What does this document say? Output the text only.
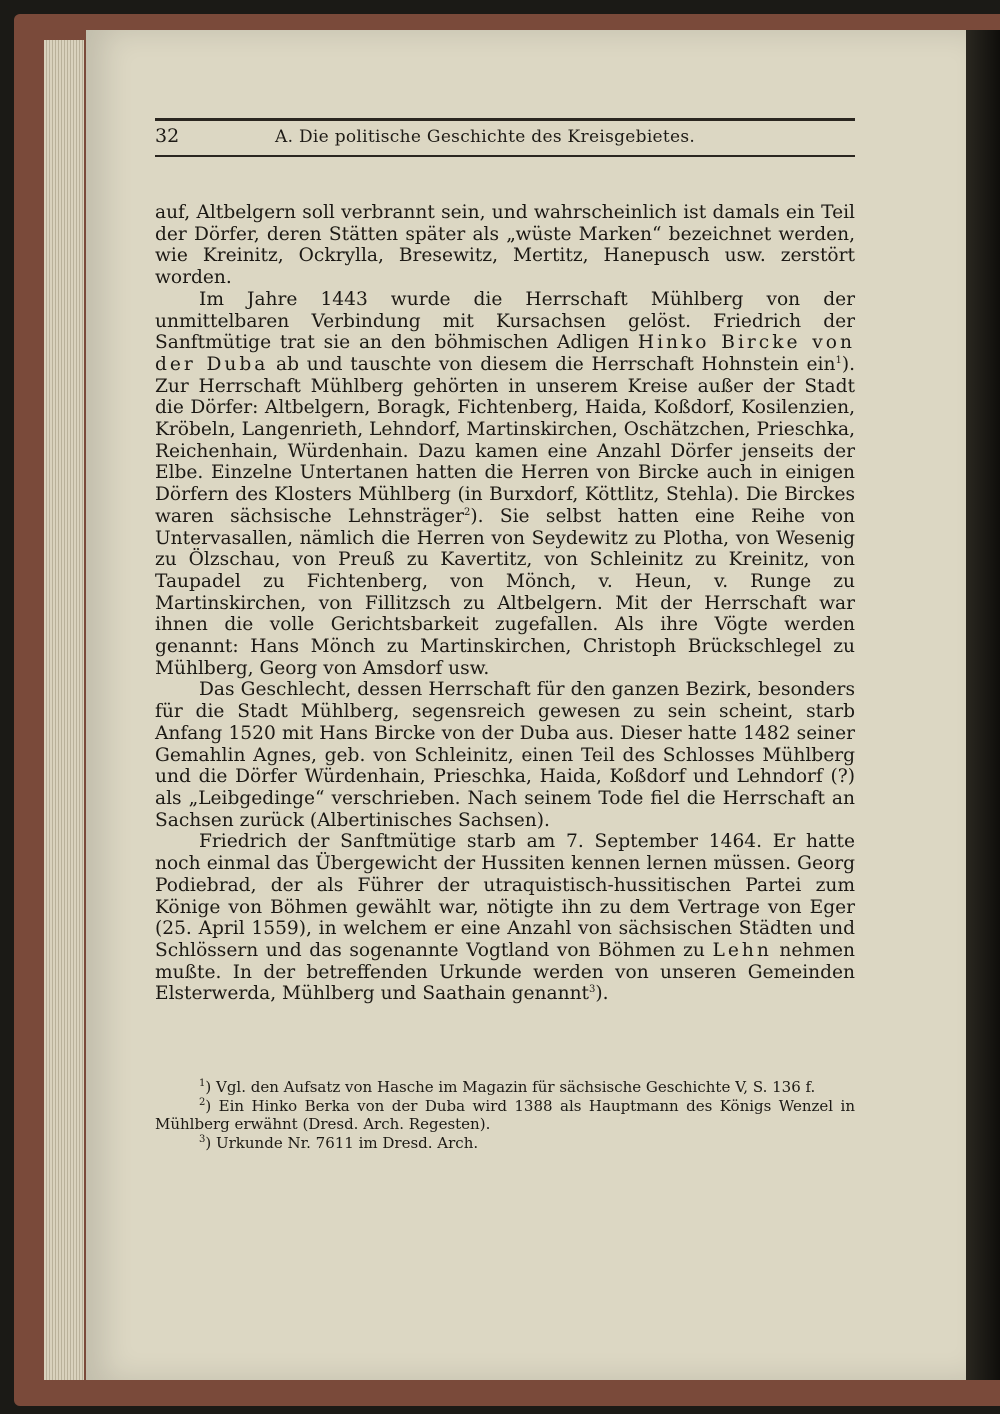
32	A. Die politische Geschichte des Kreisgebietes.

auf, Altbelgern soll verbrannt sein, und wahrscheinlich ist damals ein Teil der Dörfer, deren Stätten später als „wüste Marken“ bezeichnet werden, wie Kreinitz, Ockrylla, Bresewitz, Mertitz, Hanepusch usw. zerstört worden.

Im Jahre 1443 wurde die Herrschaft Mühlberg von der unmittelbaren Verbindung mit Kursachsen gelöst. Friedrich der Sanftmütige trat sie an den böhmischen Adligen Hinko Bircke von der Duba ab und tauschte von diesem die Herrschaft Hohnstein ein$^1$). Zur Herrschaft Mühlberg gehörten in unserem Kreise außer der Stadt die Dörfer: Altbelgern, Boragk, Fichtenberg, Haida, Koßdorf, Kosilenzien, Kröbeln, Langenrieth, Lehndorf, Martinskirchen, Oschätzchen, Prieschka, Reichenhain, Würdenhain. Dazu kamen eine Anzahl Dörfer jenseits der Elbe. Einzelne Untertanen hatten die Herren von Bircke auch in einigen Dörfern des Klosters Mühlberg (in Burxdorf, Köttlitz, Stehla). Die Birckes waren sächsische Lehnsträger$^2$). Sie selbst hatten eine Reihe von Untervasallen, nämlich die Herren von Seydewitz zu Plotha, von Wesenig zu Ölzschau, von Preuß zu Kavertitz, von Schleinitz zu Kreinitz, von Taupadel zu Fichtenberg, von Mönch, v. Heun, v. Runge zu Martinskirchen, von Fillitzsch zu Altbelgern. Mit der Herrschaft war ihnen die volle Gerichtsbarkeit zugefallen. Als ihre Vögte werden genannt: Hans Mönch zu Martinskirchen, Christoph Brückschlegel zu Mühlberg, Georg von Amsdorf usw.

Das Geschlecht, dessen Herrschaft für den ganzen Bezirk, besonders für die Stadt Mühlberg, segensreich gewesen zu sein scheint, starb Anfang 1520 mit Hans Bircke von der Duba aus. Dieser hatte 1482 seiner Gemahlin Agnes, geb. von Schleinitz, einen Teil des Schlosses Mühlberg und die Dörfer Würdenhain, Prieschka, Haida, Koßdorf und Lehndorf (?) als „Leibgedinge“ verschrieben. Nach seinem Tode fiel die Herrschaft an Sachsen zurück (Albertinisches Sachsen).

Friedrich der Sanftmütige starb am 7. September 1464. Er hatte noch einmal das Übergewicht der Hussiten kennen lernen müssen. Georg Podiebrad, der als Führer der utraquistisch-hussitischen Partei zum Könige von Böhmen gewählt war, nötigte ihn zu dem Vertrage von Eger (25. April 1559), in welchem er eine Anzahl von sächsischen Städten und Schlössern und das sogenannte Vogtland von Böhmen zu Lehn nehmen mußte. In der betreffenden Urkunde werden von unseren Gemeinden Elsterwerda, Mühlberg und Saathain genannt$^3$).

$^1$) Vgl. den Aufsatz von Hasche im Magazin für sächsische Geschichte V, S. 136 f.

$^2$) Ein Hinko Berka von der Duba wird 1388 als Hauptmann des Königs Wenzel in Mühlberg erwähnt (Dresd. Arch. Regesten).

$^3$) Urkunde Nr. 7611 im Dresd. Arch.
